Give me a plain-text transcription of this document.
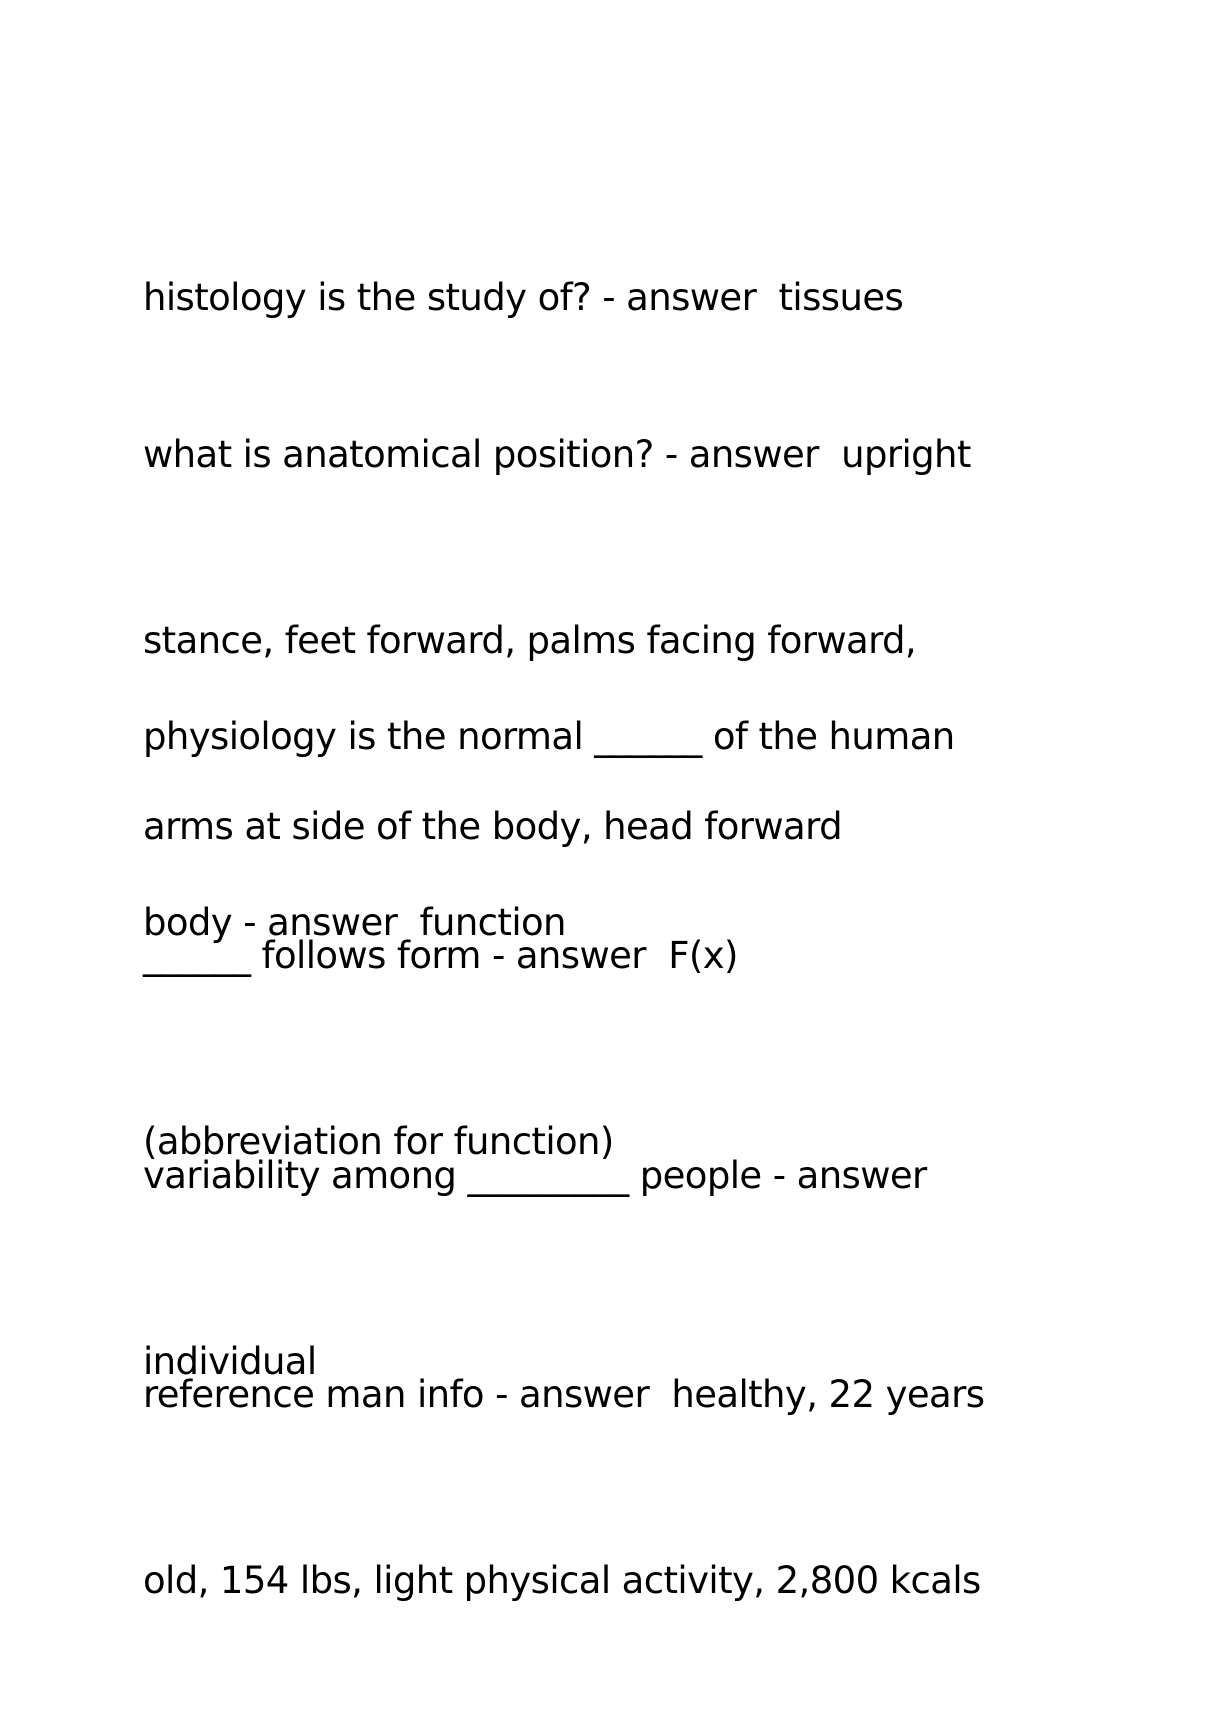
histology is the study of? - answer  tissues

what is anatomical position? - answer  upright

stance, feet forward, palms facing forward,

arms at side of the body, head forward

physiology is the normal ______ of the human

body - answer  function

______ follows form - answer  F(x)

(abbreviation for function)

variability among _________ people - answer

individual

reference man info - answer  healthy, 22 years

old, 154 lbs, light physical activity, 2,800 kcals
